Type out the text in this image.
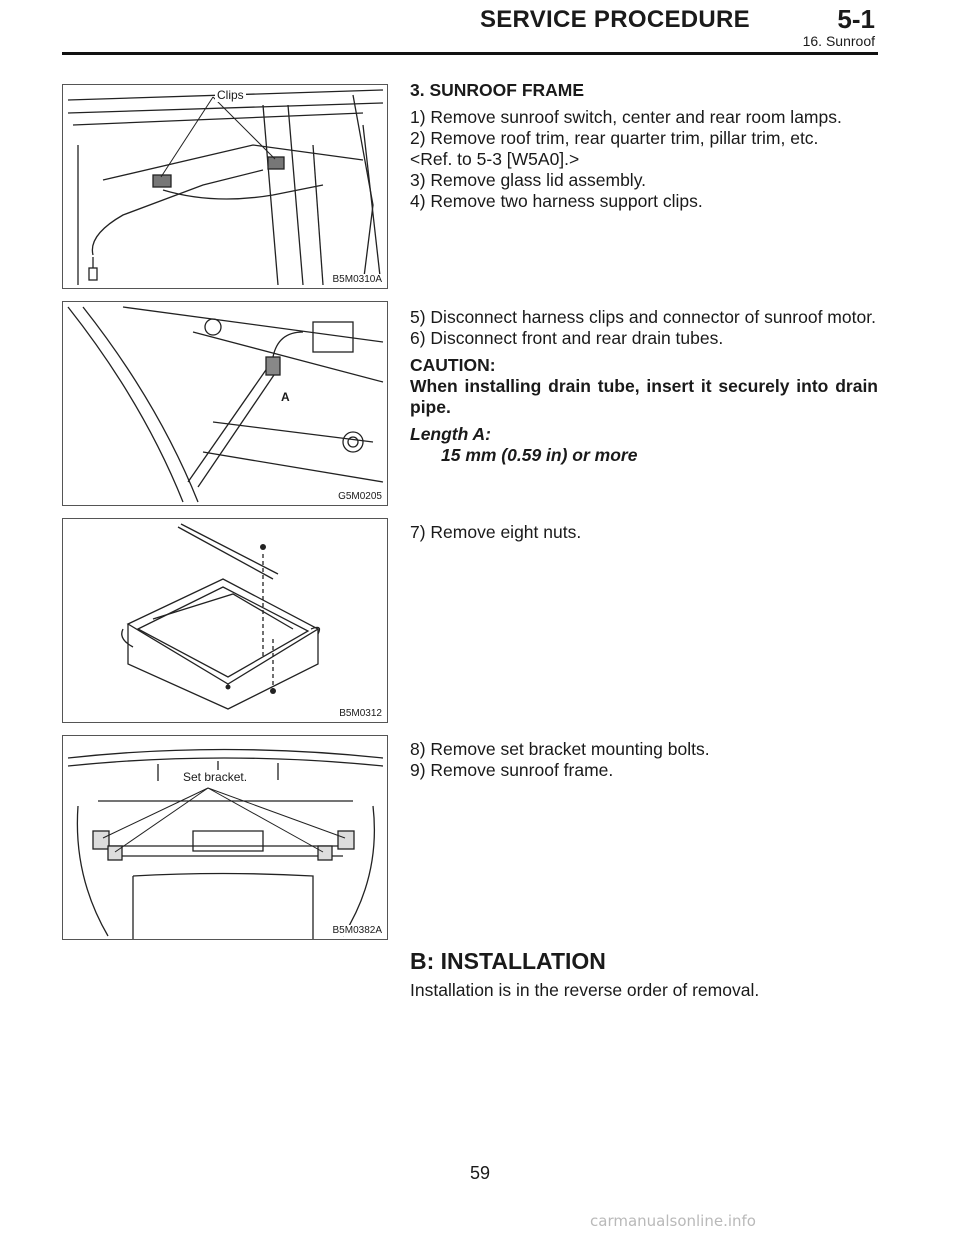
SERVICE PROCEDURE	5-1
16. Sunroof
Clips
B5M0310A
A
G5M0205
B5M0312
Set bracket.
B5M0382A

3. SUNROOF FRAME

1) Remove sunroof switch, center and rear room lamps.

2) Remove roof trim, rear quarter trim, pillar trim, etc.

<Ref. to 5-3 [W5A0].>

3) Remove glass lid assembly.

4) Remove two harness support clips.

5) Disconnect harness clips and connector of sunroof motor.

6) Disconnect front and rear drain tubes.

CAUTION:

When installing drain tube, insert it securely into drain pipe.

Length A:

15 mm (0.59 in) or more

7) Remove eight nuts.

8) Remove set bracket mounting bolts.

9) Remove sunroof frame.

B: INSTALLATION
Installation is in the reverse order of removal.
59
carmanualsonline.info
